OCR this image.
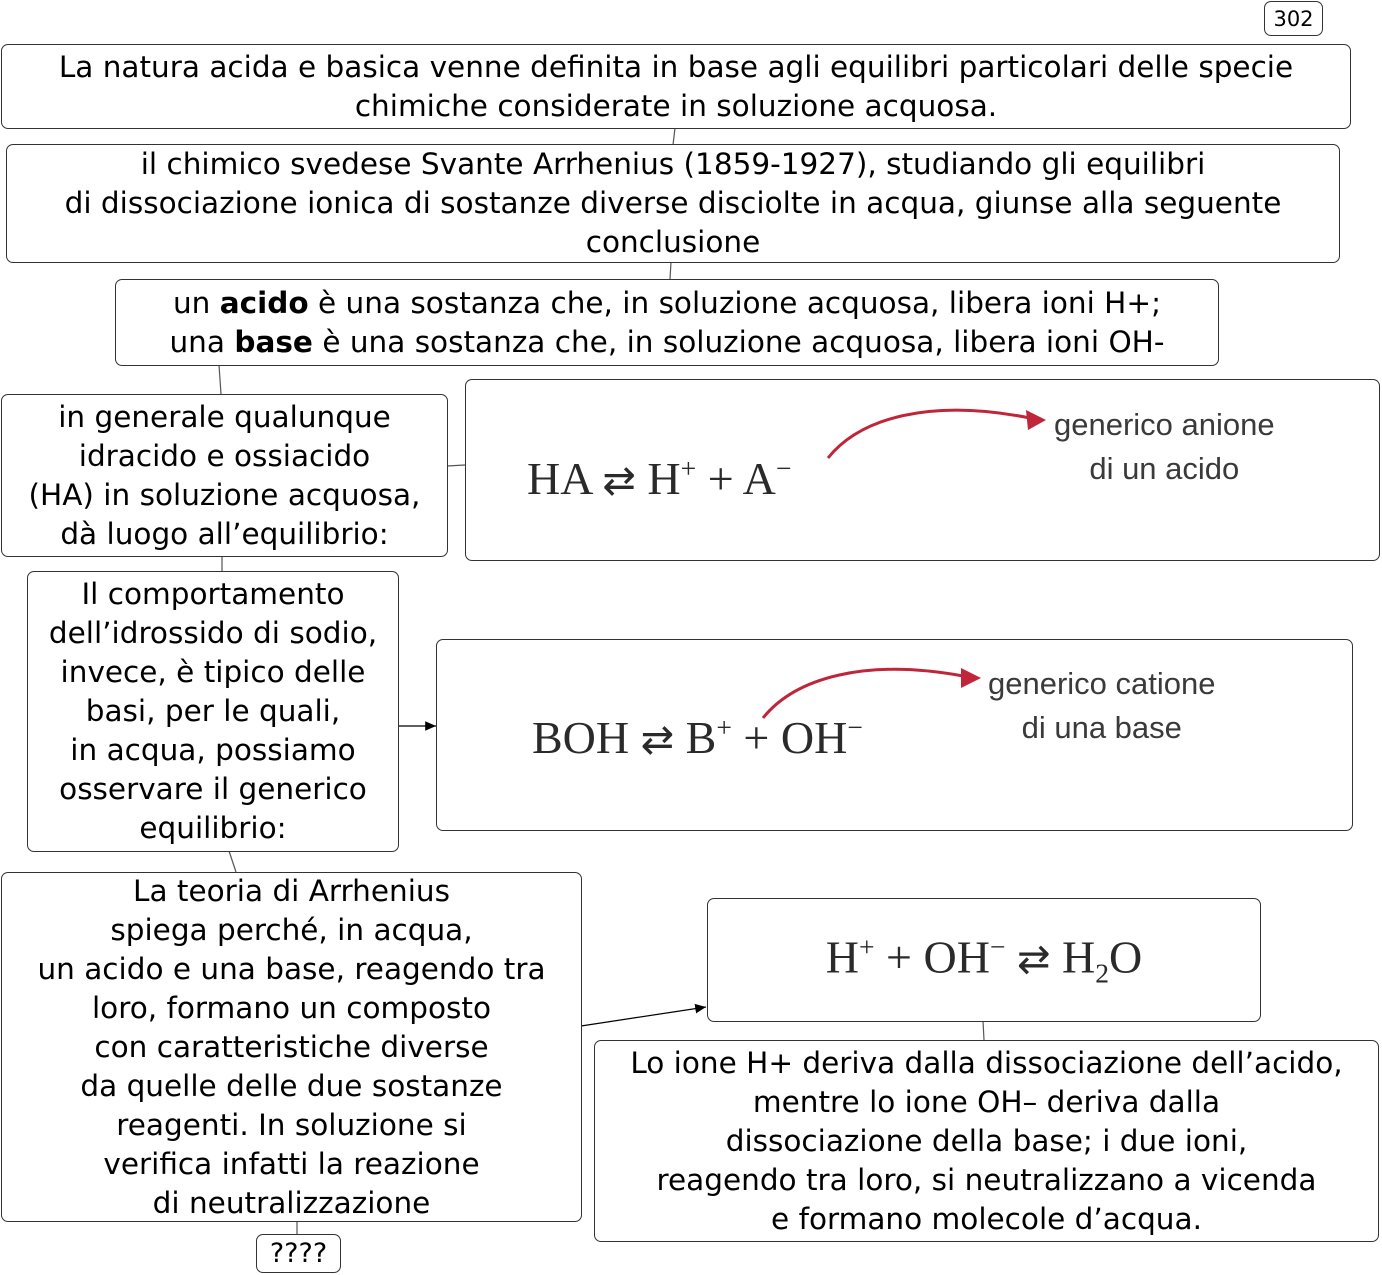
302
La natura acida e basica venne definita in base agli equilibri particolari delle specie
chimiche considerate in soluzione acquosa.
il chimico svedese Svante Arrhenius (1859-1927), studiando gli equilibri
di dissociazione ionica di sostanze diverse disciolte in acqua, giunse alla seguente
conclusione
un acido è una sostanza che, in soluzione acquosa, libera ioni H+;
una base è una sostanza che, in soluzione acquosa, libera ioni OH-
in generale qualunque
idracido e ossiacido
(HA) in soluzione acquosa,
dà luogo all’equilibrio:
HA ⇄ H+ + A−
generico anione
di un acido
Il comportamento
dell’idrossido di sodio,
invece, è tipico delle
basi, per le quali,
in acqua, possiamo
osservare il generico
equilibrio:
BOH ⇄ B+ + OH−
generico catione
di una base
La teoria di Arrhenius
spiega perché, in acqua,
un acido e una base, reagendo tra
loro, formano un composto
con caratteristiche diverse
da quelle delle due sostanze
reagenti. In soluzione si
verifica infatti la reazione
di neutralizzazione
H+ + OH− ⇄ $H_2O$
Lo ione H+ deriva dalla dissociazione dell’acido,
mentre lo ione OH– deriva dalla
dissociazione della base; i due ioni,
reagendo tra loro, si neutralizzano a vicenda
e formano molecole d’acqua.
????
